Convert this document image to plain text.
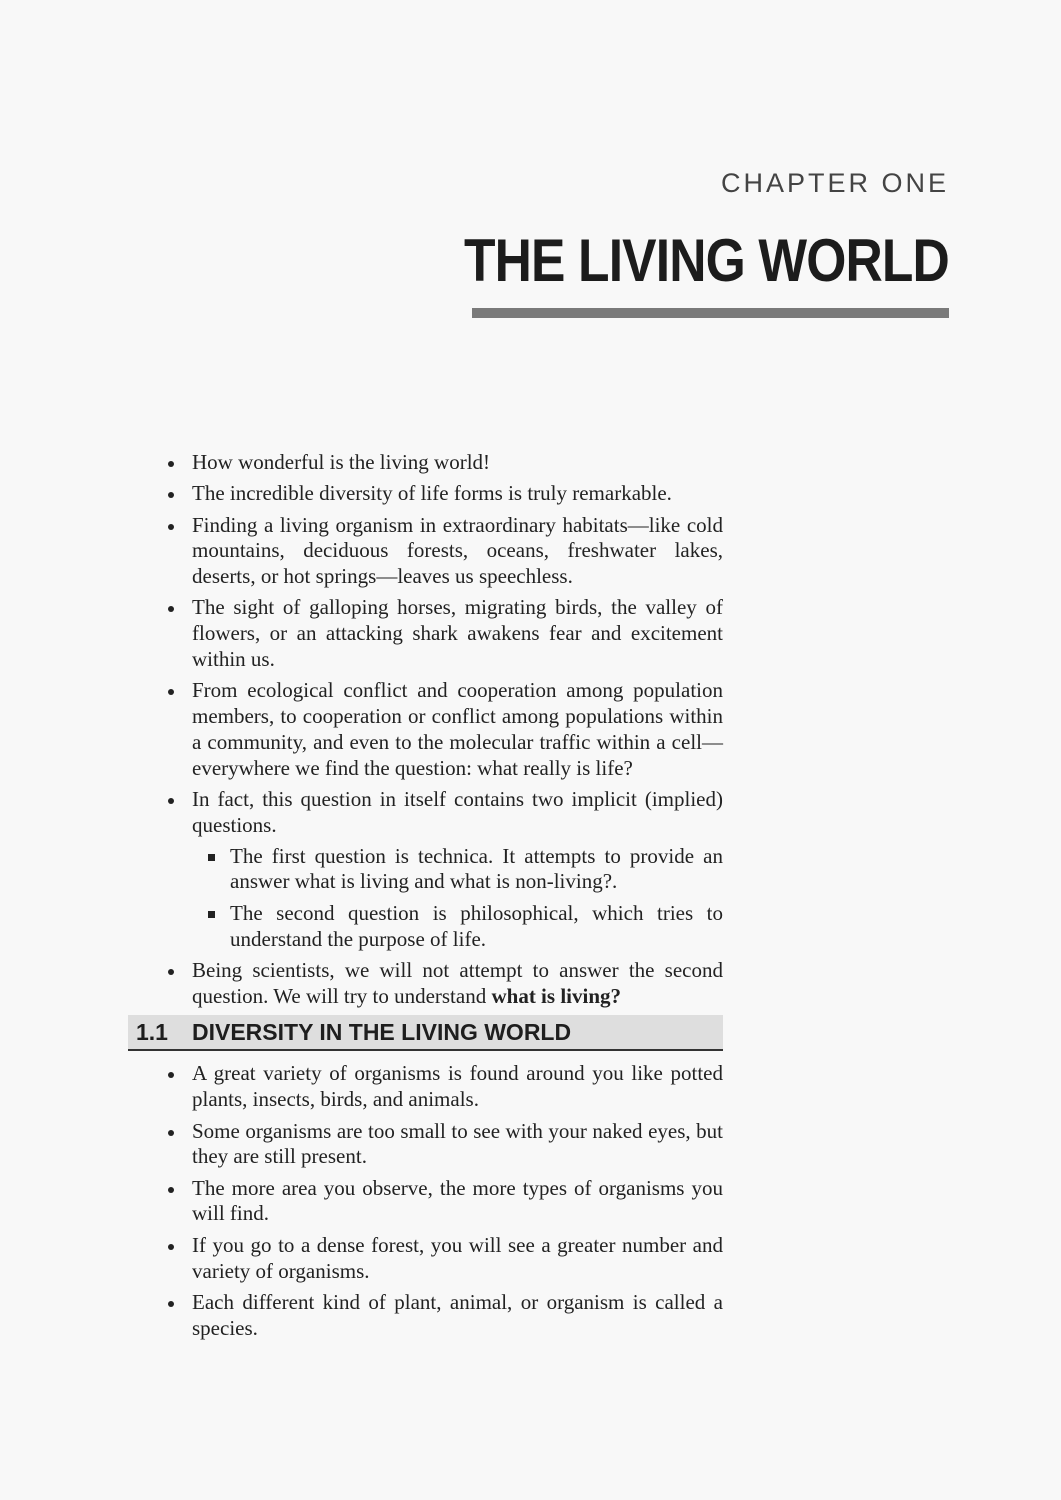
CHAPTER ONE

THE LIVING WORLD
How wonderful is the living world!
The incredible diversity of life forms is truly remarkable.
Finding a living organism in extraordinary habitats—like cold mountains, deciduous forests, oceans, freshwater lakes, deserts, or hot springs—leaves us speechless.
The sight of galloping horses, migrating birds, the valley of flowers, or an attacking shark awakens fear and excitement within us.
From ecological conflict and cooperation among population members, to cooperation or conflict among populations within a community, and even to the molecular traffic within a cell—everywhere we find the question: what really is life?
In fact, this question in itself contains two implicit (implied) questions.
The first question is technica. It attempts to provide an answer what is living and what is non-living?.
The second question is philosophical, which tries to understand the purpose of life.
Being scientists, we will not attempt to answer the second question. We will try to understand what is living?
1.1	DIVERSITY IN THE LIVING WORLD
A great variety of organisms is found around you like potted plants, insects, birds, and animals.
Some organisms are too small to see with your naked eyes, but they are still present.
The more area you observe, the more types of organisms you will find.
If you go to a dense forest, you will see a greater number and variety of organisms.
Each different kind of plant, animal, or organism is called a species.
